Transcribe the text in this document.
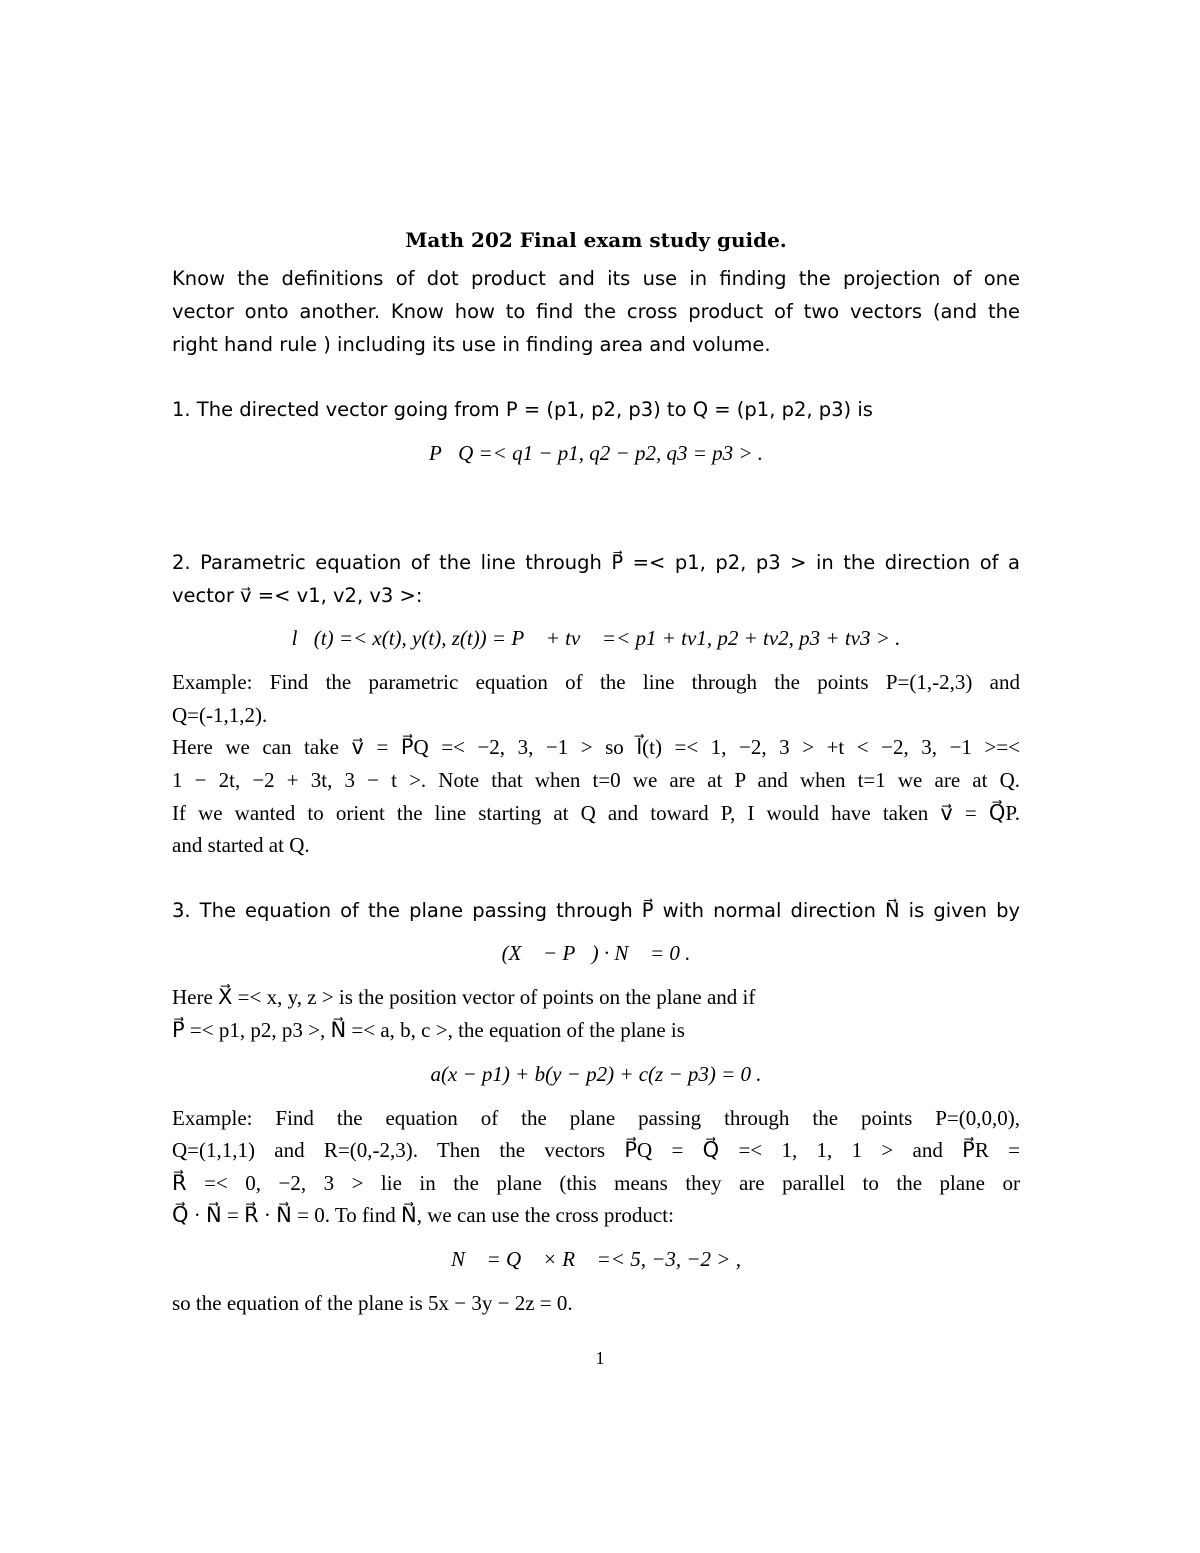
Math 202 Final exam study guide.

Know the definitions of dot product and its use in finding the projection of one

vector onto another. Know how to find the cross product of two vectors (and the

right hand rule ) including its use in finding area and volume.

1. The directed vector going from P = (p1, p2, p3) to Q = (p1, p2, p3) is

P⃗Q =< q1 − p1, q2 − p2, q3 = p3 > .

2. Parametric equation of the line through P⃗ =< p1, p2, p3 > in the direction of a

vector v⃗ =< v1, v2, v3 >:

l⃗(t) =< x(t), y(t), z(t)) = P⃗ + tv⃗ =< p1 + tv1, p2 + tv2, p3 + tv3 > .

Example: Find the parametric equation of the line through the points P=(1,-2,3) and

Q=(-1,1,2).

Here we can take v⃗ = P⃗Q =< −2, 3, −1 > so l⃗(t) =< 1, −2, 3 > +t < −2, 3, −1 >=<

1 − 2t, −2 + 3t, 3 − t >. Note that when t=0 we are at P and when t=1 we are at Q.

If we wanted to orient the line starting at Q and toward P, I would have taken v⃗ = Q⃗P.

and started at Q.

3. The equation of the plane passing through P⃗ with normal direction N⃗ is given by

(X⃗ − P⃗) · N⃗ = 0 .

Here X⃗ =< x, y, z > is the position vector of points on the plane and if

P⃗ =< p1, p2, p3 >, N⃗ =< a, b, c >, the equation of the plane is

a(x − p1) + b(y − p2) + c(z − p3) = 0 .

Example: Find the equation of the plane passing through the points P=(0,0,0),

Q=(1,1,1) and R=(0,-2,3). Then the vectors P⃗Q = Q⃗ =< 1, 1, 1 > and P⃗R =

R⃗ =< 0, −2, 3 > lie in the plane (this means they are parallel to the plane or

Q⃗ · N⃗ = R⃗ · N⃗ = 0. To find N⃗, we can use the cross product:

N⃗ = Q⃗ × R⃗ =< 5, −3, −2 > ,

so the equation of the plane is 5x − 3y − 2z = 0.

1
